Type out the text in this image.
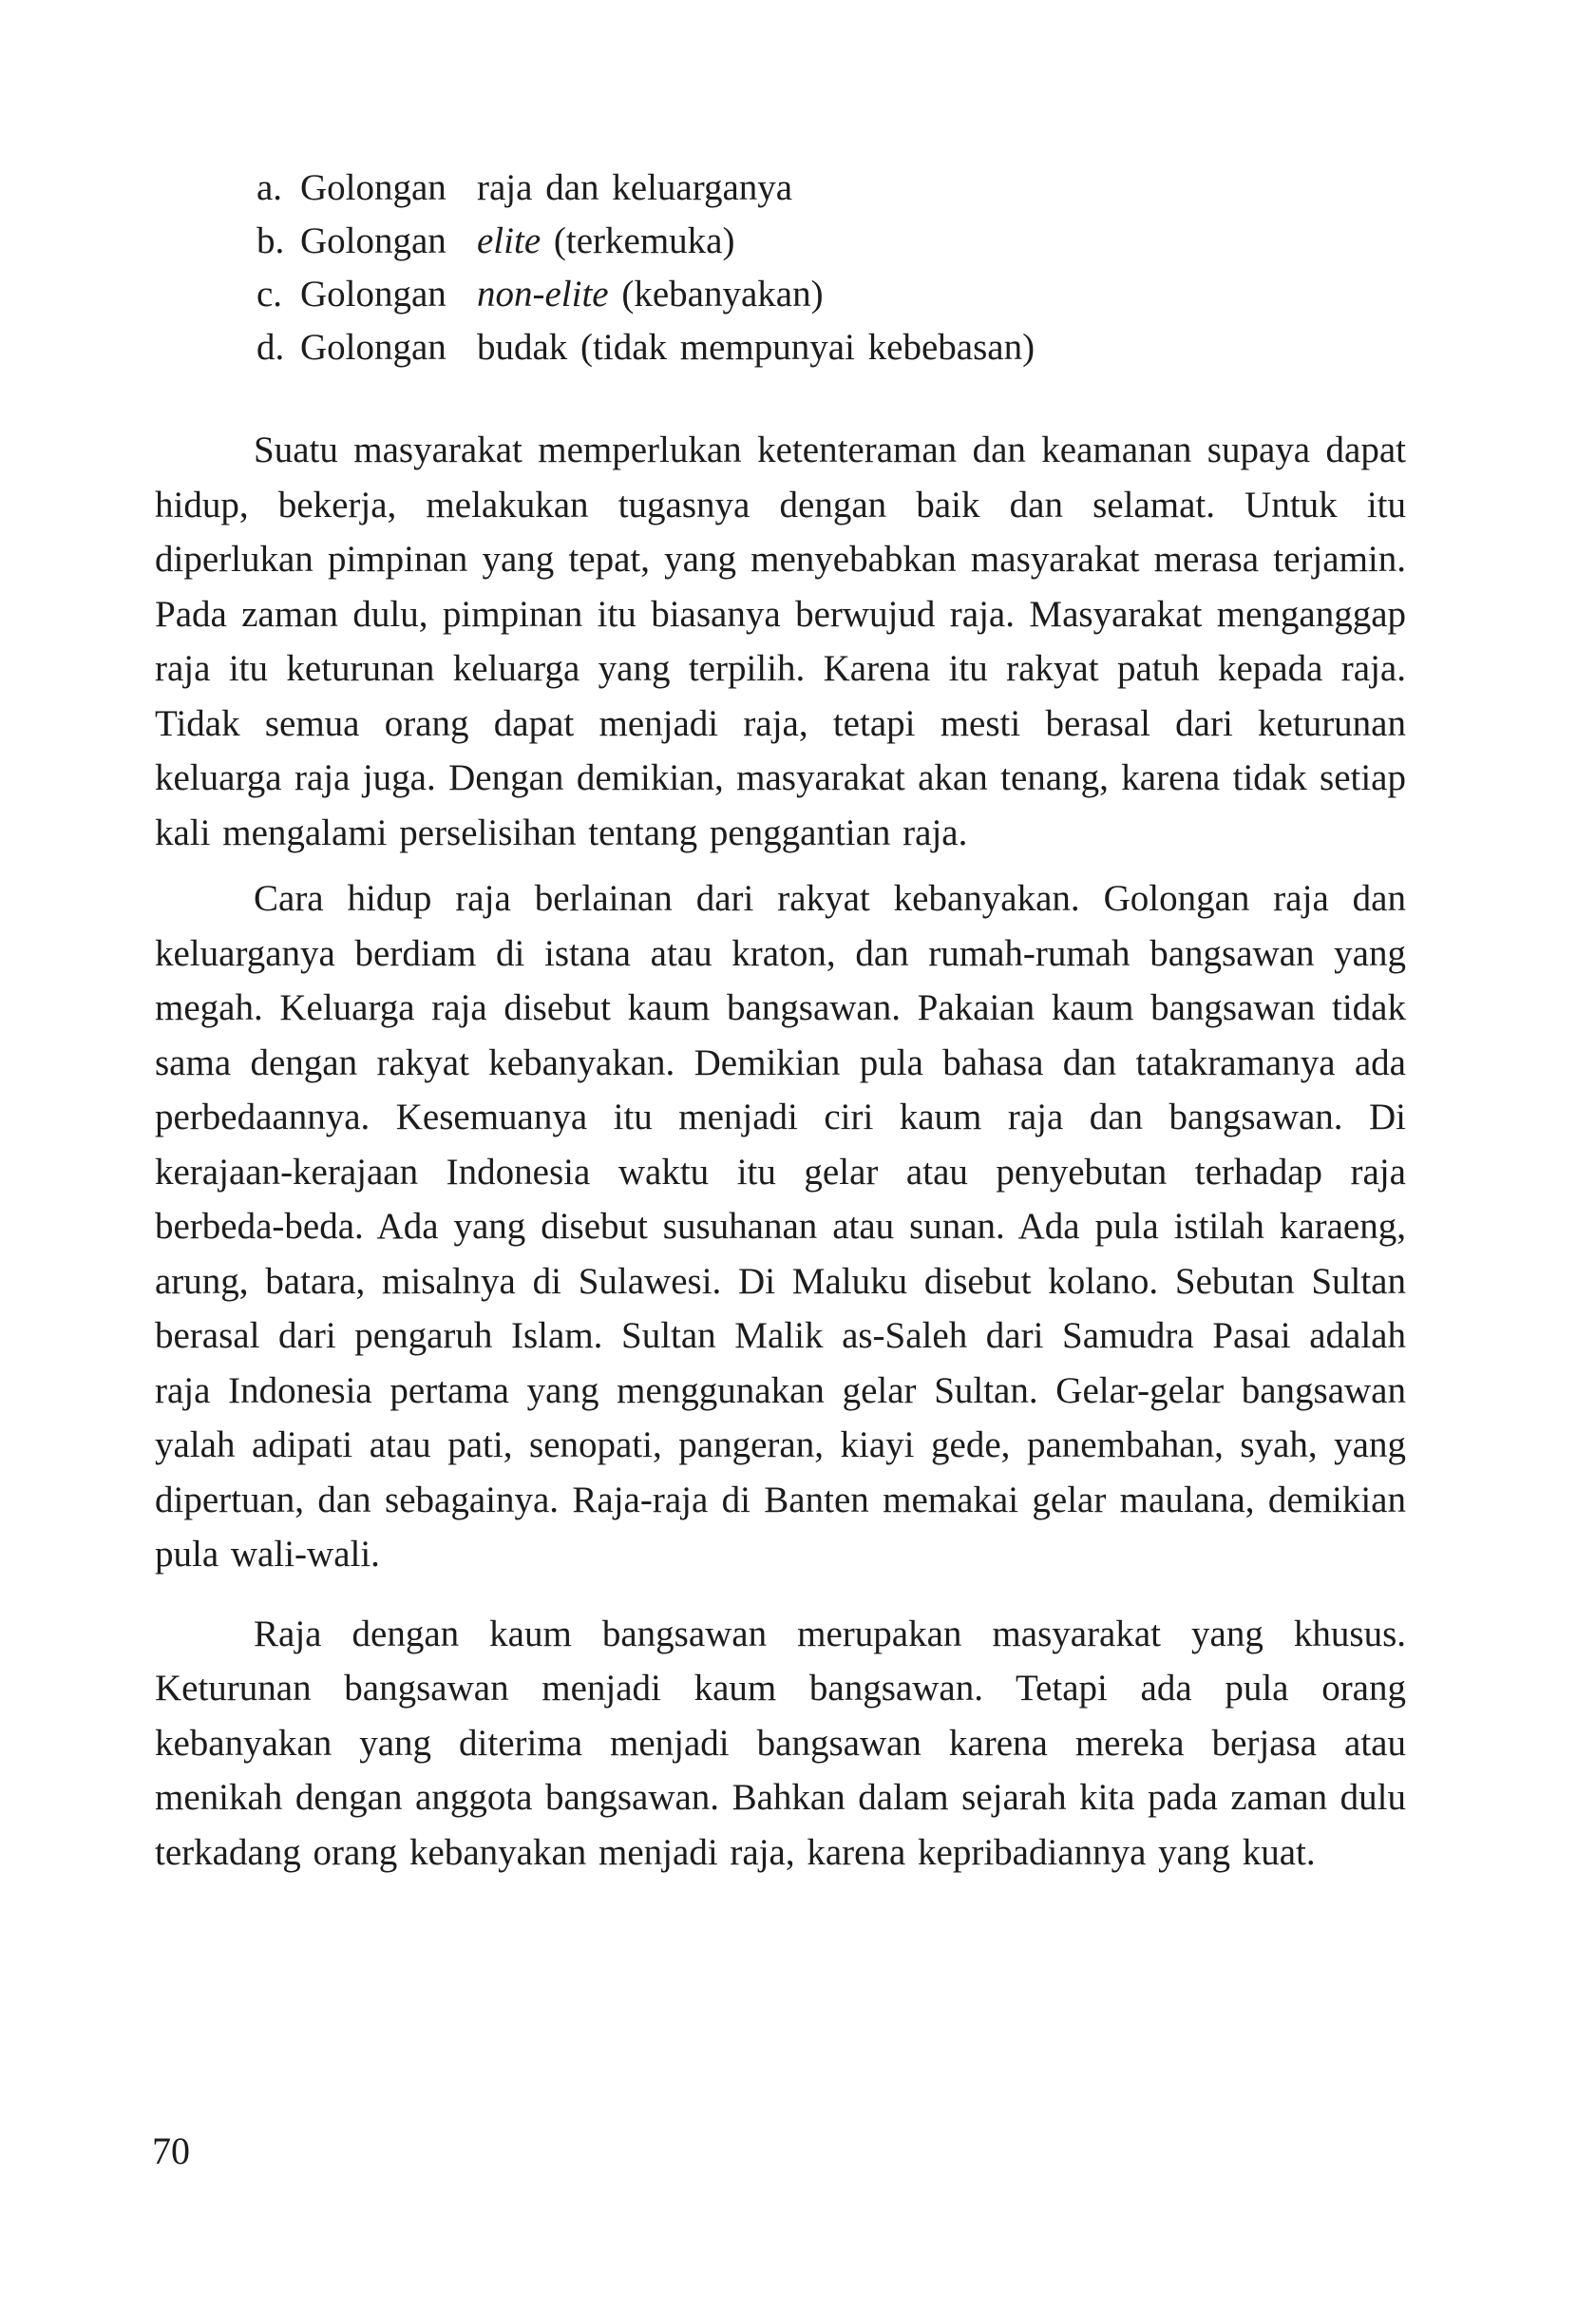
a. Golongan raja dan keluarganya
b. Golongan elite (terkemuka)
c. Golongan non-elite (kebanyakan)
d. Golongan budak (tidak mempunyai kebebasan)

Suatu masyarakat memperlukan ketenteraman dan keamanan supaya dapat hidup, bekerja, melakukan tugasnya dengan baik dan selamat. Untuk itu diperlukan pimpinan yang tepat, yang menyebabkan masyarakat merasa terjamin. Pada zaman dulu, pimpinan itu biasanya berwujud raja. Masyarakat menganggap raja itu keturunan keluarga yang terpilih. Karena itu rakyat patuh kepada raja. Tidak semua orang dapat menjadi raja, tetapi mesti berasal dari keturunan keluarga raja juga. Dengan demikian, masyarakat akan tenang, karena tidak setiap kali mengalami perselisihan tentang penggantian raja.

Cara hidup raja berlainan dari rakyat kebanyakan. Golongan raja dan keluarganya berdiam di istana atau kraton, dan rumah-rumah bangsawan yang megah. Keluarga raja disebut kaum bangsawan. Pakaian kaum bangsawan tidak sama dengan rakyat kebanyakan. Demikian pula bahasa dan tatakramanya ada perbedaannya. Kesemuanya itu menjadi ciri kaum raja dan bangsawan. Di kerajaan-kerajaan Indonesia waktu itu gelar atau penyebutan terhadap raja berbeda-beda. Ada yang disebut susuhanan atau sunan. Ada pula istilah karaeng, arung, batara, misalnya di Sulawesi. Di Maluku disebut kolano. Sebutan Sultan berasal dari pengaruh Islam. Sultan Malik as-Saleh dari Samudra Pasai adalah raja Indonesia pertama yang menggunakan gelar Sultan. Gelar-gelar bangsawan yalah adipati atau pati, senopati, pangeran, kiayi gede, panembahan, syah, yang dipertuan, dan sebagainya. Raja-raja di Banten memakai gelar maulana, demikian pula wali-wali.

Raja dengan kaum bangsawan merupakan masyarakat yang khusus. Keturunan bangsawan menjadi kaum bangsawan. Tetapi ada pula orang kebanyakan yang diterima menjadi bangsawan karena mereka berjasa atau menikah dengan anggota bangsawan. Bahkan dalam sejarah kita pada zaman dulu terkadang orang kebanyakan menjadi raja, karena kepribadiannya yang kuat.

70
